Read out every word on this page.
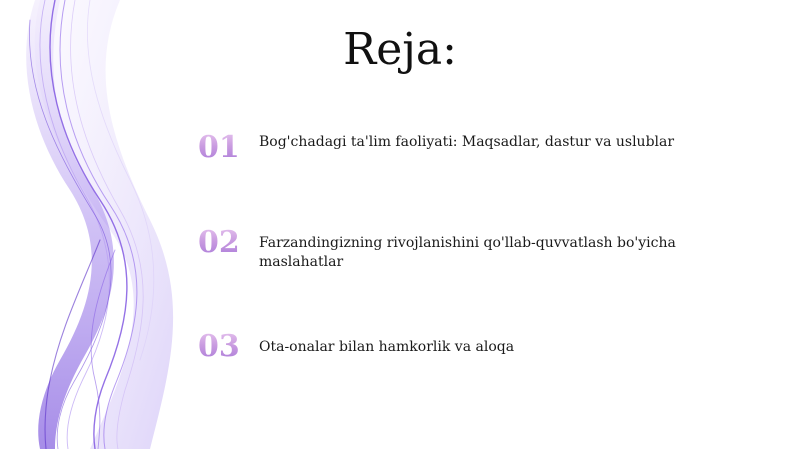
Reja:
01	Bog'chadagi ta'lim faoliyati: Maqsadlar, dastur va uslublar
02	Farzandingizning rivojlanishini qo'llab-quvvatlash bo'yicha maslahatlar
03	Ota-onalar bilan hamkorlik va aloqa
